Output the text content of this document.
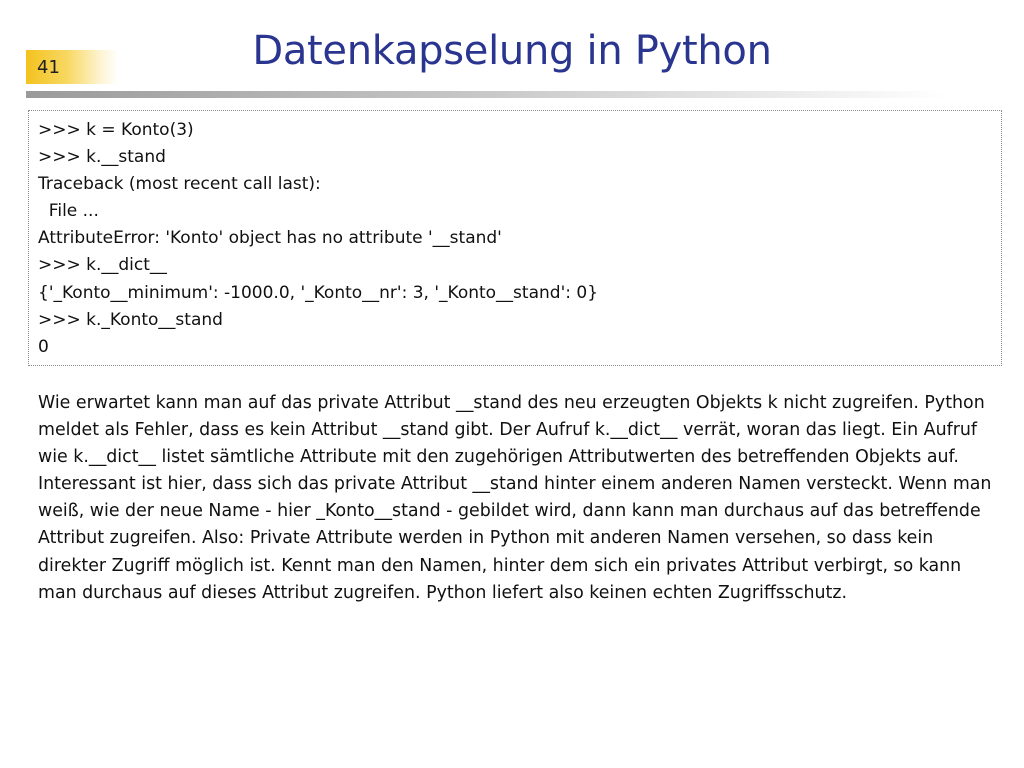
41	Datenkapselung in Python
>>> k = Konto(3)
>>> k.__stand
Traceback (most recent call last):
File ...
AttributeError: 'Konto' object has no attribute '__stand'
>>> k.__dict__
{'_Konto__minimum': -1000.0, '_Konto__nr': 3, '_Konto__stand': 0}
>>> k._Konto__stand
0

Wie erwartet kann man auf das private Attribut __stand des neu erzeugten Objekts k nicht zugreifen. Python meldet als Fehler, dass es kein Attribut __stand gibt. Der Aufruf k.__dict__ verrät, woran das liegt. Ein Aufruf wie k.__dict__ listet sämtliche Attribute mit den zugehörigen Attributwerten des betreffenden Objekts auf. Interessant ist hier, dass sich das private Attribut __stand hinter einem anderen Namen versteckt. Wenn man weiß, wie der neue Name - hier _Konto__stand - gebildet wird, dann kann man durchaus auf das betreffende Attribut zugreifen. Also: Private Attribute werden in Python mit anderen Namen versehen, so dass kein direkter Zugriff möglich ist. Kennt man den Namen, hinter dem sich ein privates Attribut verbirgt, so kann man durchaus auf dieses Attribut zugreifen. Python liefert also keinen echten Zugriffsschutz.
